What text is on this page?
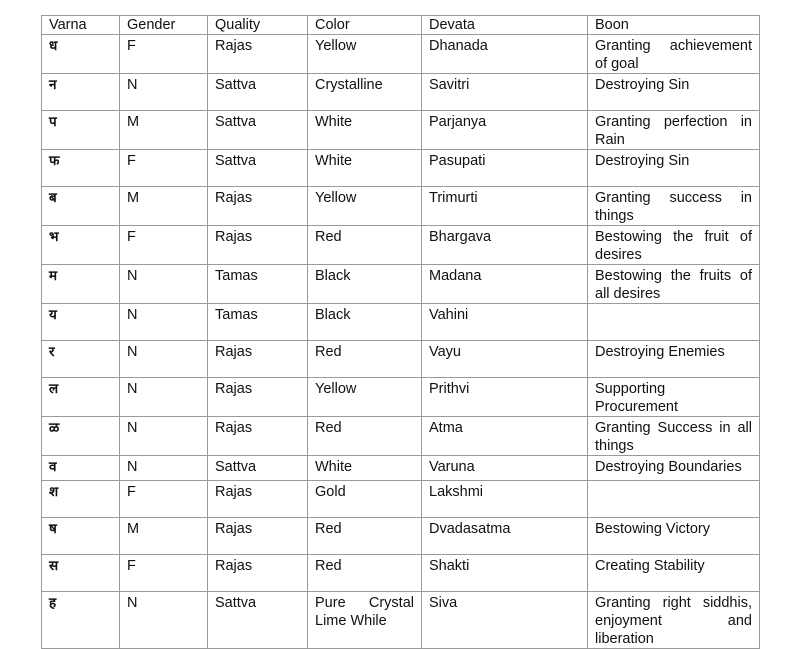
Varna	Gender	Quality	Color	Devata	Boon
ध	F	Rajas	Yellow	Dhanada	Granting achievement of goal
न	N	Sattva	Crystalline	Savitri	Destroying Sin
प	M	Sattva	White	Parjanya	Granting perfection in Rain
फ	F	Sattva	White	Pasupati	Destroying Sin
ब	M	Rajas	Yellow	Trimurti	Granting success in things
भ	F	Rajas	Red	Bhargava	Bestowing the fruit of desires
म	N	Tamas	Black	Madana	Bestowing the fruits of all desires
य	N	Tamas	Black	Vahini	
र	N	Rajas	Red	Vayu	Destroying Enemies
ल	N	Rajas	Yellow	Prithvi	Supporting Procurement
ळ	N	Rajas	Red	Atma	Granting Success in all things
व	N	Sattva	White	Varuna	Destroying Boundaries
श	F	Rajas	Gold	Lakshmi	
ष	M	Rajas	Red	Dvadasatma	Bestowing Victory
स	F	Rajas	Red	Shakti	Creating Stability
ह	N	Sattva	Pure Crystal Lime While	Siva	Granting right siddhis, enjoyment and liberation
